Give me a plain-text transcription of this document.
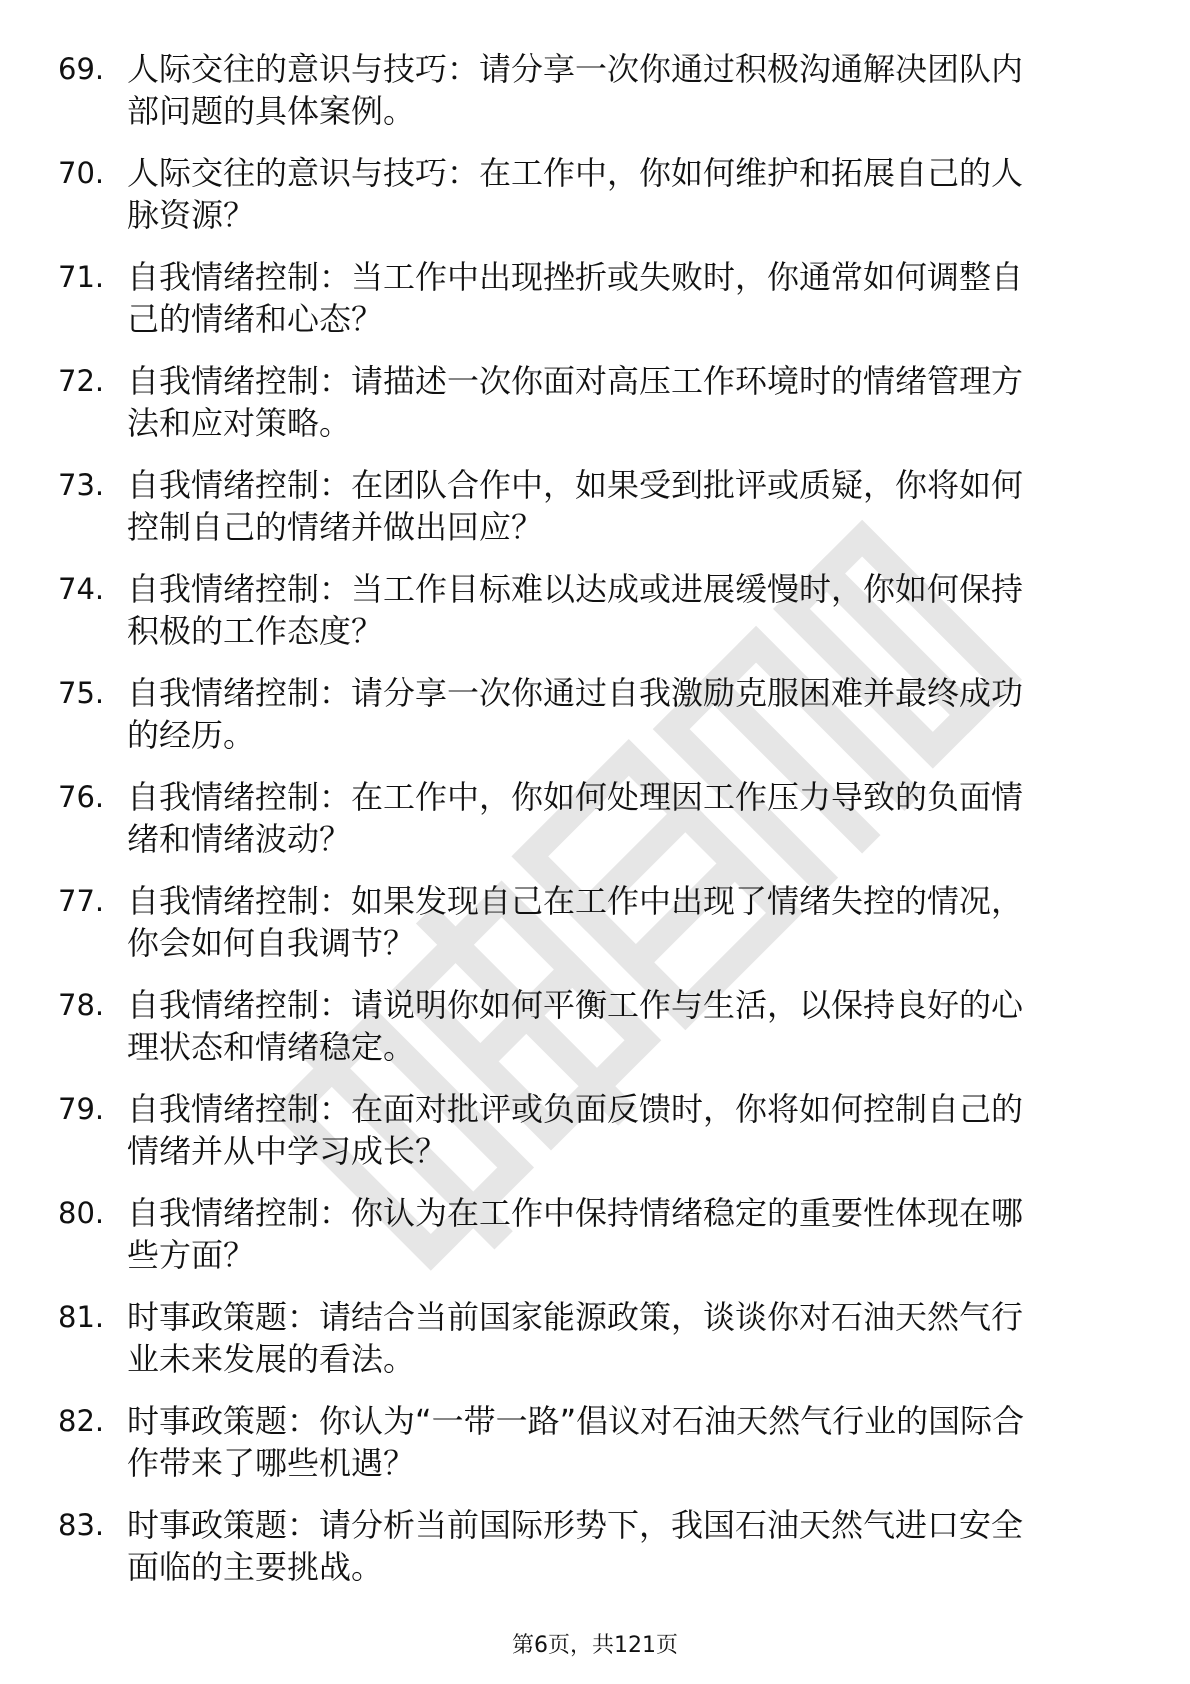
69. 人际交往的意识与技巧：请分享一次你通过积极沟通解决团队内
部问题的具体案例。
70. 人际交往的意识与技巧：在工作中，你如何维护和拓展自己的人
脉资源？
71. 自我情绪控制：当工作中出现挫折或失败时，你通常如何调整自
己的情绪和心态？
72. 自我情绪控制：请描述一次你面对高压工作环境时的情绪管理方
法和应对策略。
73. 自我情绪控制：在团队合作中，如果受到批评或质疑，你将如何
控制自己的情绪并做出回应？
74. 自我情绪控制：当工作目标难以达成或进展缓慢时，你如何保持
积极的工作态度？
75. 自我情绪控制：请分享一次你通过自我激励克服困难并最终成功
的经历。
76. 自我情绪控制：在工作中，你如何处理因工作压力导致的负面情
绪和情绪波动？
77. 自我情绪控制：如果发现自己在工作中出现了情绪失控的情况，
你会如何自我调节？
78. 自我情绪控制：请说明你如何平衡工作与生活，以保持良好的心
理状态和情绪稳定。
79. 自我情绪控制：在面对批评或负面反馈时，你将如何控制自己的
情绪并从中学习成长？
80. 自我情绪控制：你认为在工作中保持情绪稳定的重要性体现在哪
些方面？
81. 时事政策题：请结合当前国家能源政策，谈谈你对石油天然气行
业未来发展的看法。
82. 时事政策题：你认为“一带一路”倡议对石油天然气行业的国际合
作带来了哪些机遇？
83. 时事政策题：请分析当前国际形势下，我国石油天然气进口安全
面临的主要挑战。
第6页，共121页
